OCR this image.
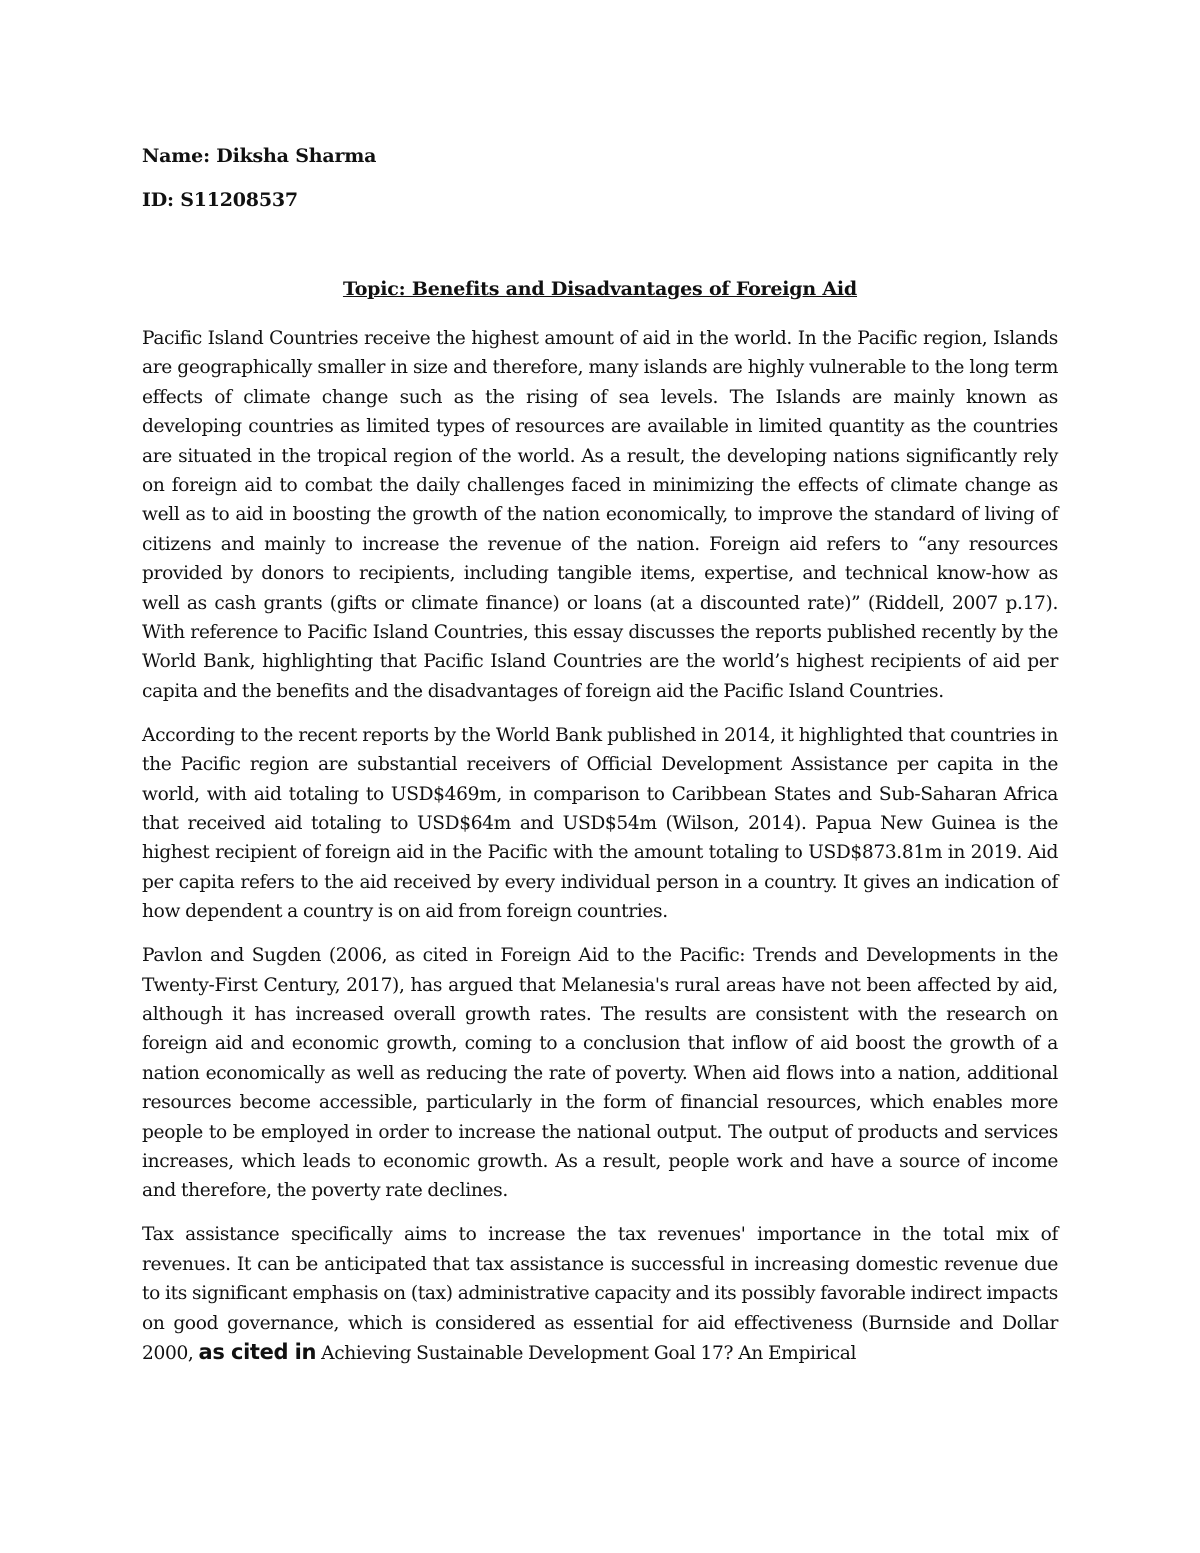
Name: Diksha Sharma
ID: S11208537
Topic: Benefits and Disadvantages of Foreign Aid

Pacific Island Countries receive the highest amount of aid in the world. In the Pacific region, Islands are geographically smaller in size and therefore, many islands are highly vulnerable to the long term effects of climate change such as the rising of sea levels. The Islands are mainly known as developing countries as limited types of resources are available in limited quantity as the countries are situated in the tropical region of the world. As a result, the developing nations significantly rely on foreign aid to combat the daily challenges faced in minimizing the effects of climate change as well as to aid in boosting the growth of the nation economically, to improve the standard of living of citizens and mainly to increase the revenue of the nation. Foreign aid refers to “any resources provided by donors to recipients, including tangible items, expertise, and technical know-how as well as cash grants (gifts or climate finance) or loans (at a discounted rate)” (Riddell, 2007 p.17). With reference to Pacific Island Countries, this essay discusses the reports published recently by the World Bank, highlighting that Pacific Island Countries are the world’s highest recipients of aid per capita and the benefits and the disadvantages of foreign aid the Pacific Island Countries.

According to the recent reports by the World Bank published in 2014, it highlighted that countries in the Pacific region are substantial receivers of Official Development Assistance per capita in the world, with aid totaling to USD$469m, in comparison to Caribbean States and Sub-Saharan Africa that received aid totaling to USD$64m and USD$54m (Wilson, 2014). Papua New Guinea is the highest recipient of foreign aid in the Pacific with the amount totaling to USD$873.81m in 2019. Aid per capita refers to the aid received by every individual person in a country. It gives an indication of how dependent a country is on aid from foreign countries.

Pavlon and Sugden (2006, as cited in Foreign Aid to the Pacific: Trends and Developments in the Twenty-First Century, 2017), has argued that Melanesia's rural areas have not been affected by aid, although it has increased overall growth rates. The results are consistent with the research on foreign aid and economic growth, coming to a conclusion that inflow of aid boost the growth of a nation economically as well as reducing the rate of poverty. When aid flows into a nation, additional resources become accessible, particularly in the form of financial resources, which enables more people to be employed in order to increase the national output. The output of products and services increases, which leads to economic growth. As a result, people work and have a source of income and therefore, the poverty rate declines.

Tax assistance specifically aims to increase the tax revenues' importance in the total mix of revenues. It can be anticipated that tax assistance is successful in increasing domestic revenue due to its significant emphasis on (tax) administrative capacity and its possibly favorable indirect impacts on good governance, which is considered as essential for aid effectiveness (Burnside and Dollar 2000, as cited in Achieving Sustainable Development Goal 17? An Empirical
